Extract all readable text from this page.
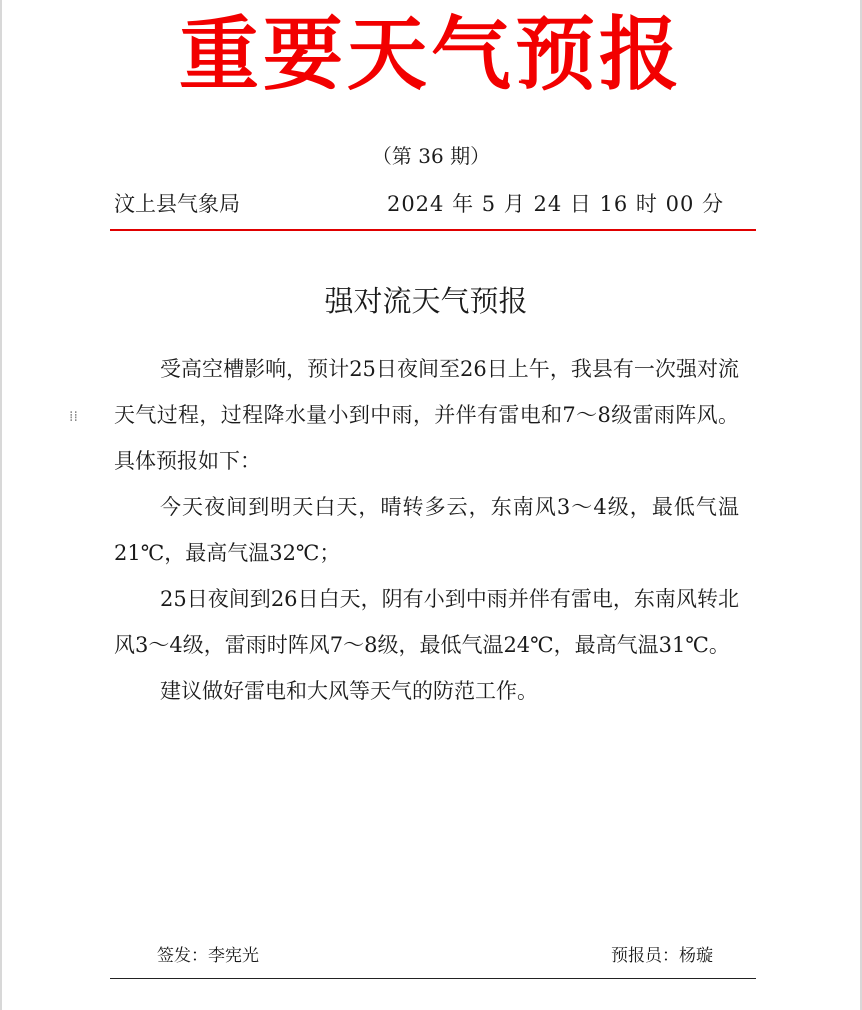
重要天气预报
（第 36 期）
汶上县气象局	2024 年 5 月 24 日 16 时 00 分
强对流天气预报
⁞⁞

受高空槽影响，预计25日夜间至26日上午，我县有一次强对流天气过程，过程降水量小到中雨，并伴有雷电和7～8级雷雨阵风。具体预报如下：

今天夜间到明天白天，晴转多云，东南风3～4级，最低气温21℃，最高气温32℃；

25日夜间到26日白天，阴有小到中雨并伴有雷电，东南风转北风3～4级，雷雨时阵风7～8级，最低气温24℃，最高气温31℃。

建议做好雷电和大风等天气的防范工作。

签发：李宪光	预报员：杨璇
